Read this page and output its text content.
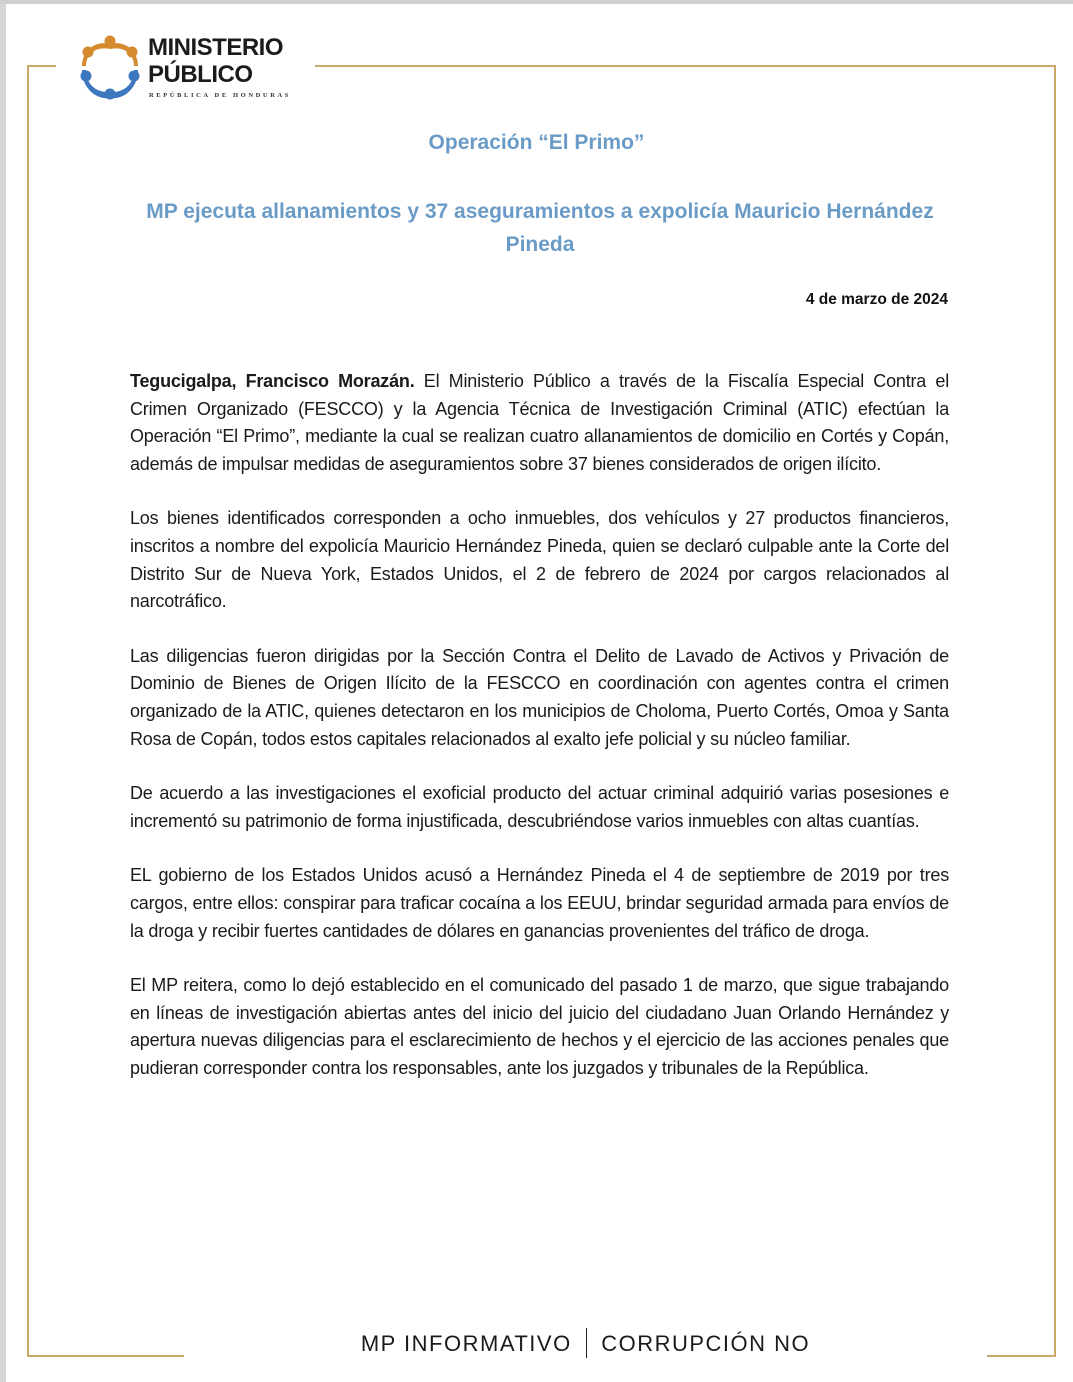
MINISTERIO
PÚBLICO
REPÚBLICA DE HONDURAS
Operación “El Primo”
MP ejecuta allanamientos y 37 aseguramientos a expolicía Mauricio Hernández Pineda
4 de marzo de 2024

Tegucigalpa, Francisco Morazán. El Ministerio Público a través de la Fiscalía Especial Contra el Crimen Organizado (FESCCO) y la Agencia Técnica de Investigación Criminal (ATIC) efectúan la Operación “El Primo”, mediante la cual se realizan cuatro allanamientos de domicilio en Cortés y Copán, además de impulsar medidas de aseguramientos sobre 37 bienes considerados de origen ilícito.

Los bienes identificados corresponden a ocho inmuebles, dos vehículos y 27 productos financieros, inscritos a nombre del expolicía Mauricio Hernández Pineda, quien se declaró culpable ante la Corte del Distrito Sur de Nueva York, Estados Unidos, el 2 de febrero de 2024 por cargos relacionados al narcotráfico.

Las diligencias fueron dirigidas por la Sección Contra el Delito de Lavado de Activos y Privación de Dominio de Bienes de Origen Ilícito de la FESCCO en coordinación con agentes contra el crimen organizado de la ATIC, quienes detectaron en los municipios de Choloma, Puerto Cortés, Omoa y Santa Rosa de Copán, todos estos capitales relacionados al exalto jefe policial y su núcleo familiar.

De acuerdo a las investigaciones el exoficial producto del actuar criminal adquirió varias posesiones e incrementó su patrimonio de forma injustificada, descubriéndose varios inmuebles con altas cuantías.

EL gobierno de los Estados Unidos acusó a Hernández Pineda el 4 de septiembre de 2019 por tres cargos, entre ellos: conspirar para traficar cocaína a los EEUU, brindar seguridad armada para envíos de la droga y recibir fuertes cantidades de dólares en ganancias provenientes del tráfico de droga.

El MP reitera, como lo dejó establecido en el comunicado del pasado 1 de marzo, que sigue trabajando en líneas de investigación abiertas antes del inicio del juicio del ciudadano Juan Orlando Hernández y apertura nuevas diligencias para el esclarecimiento de hechos y el ejercicio de las acciones penales que pudieran corresponder contra los responsables, ante los juzgados y tribunales de la República.

MP INFORMATIVO CORRUPCIÓN NO
